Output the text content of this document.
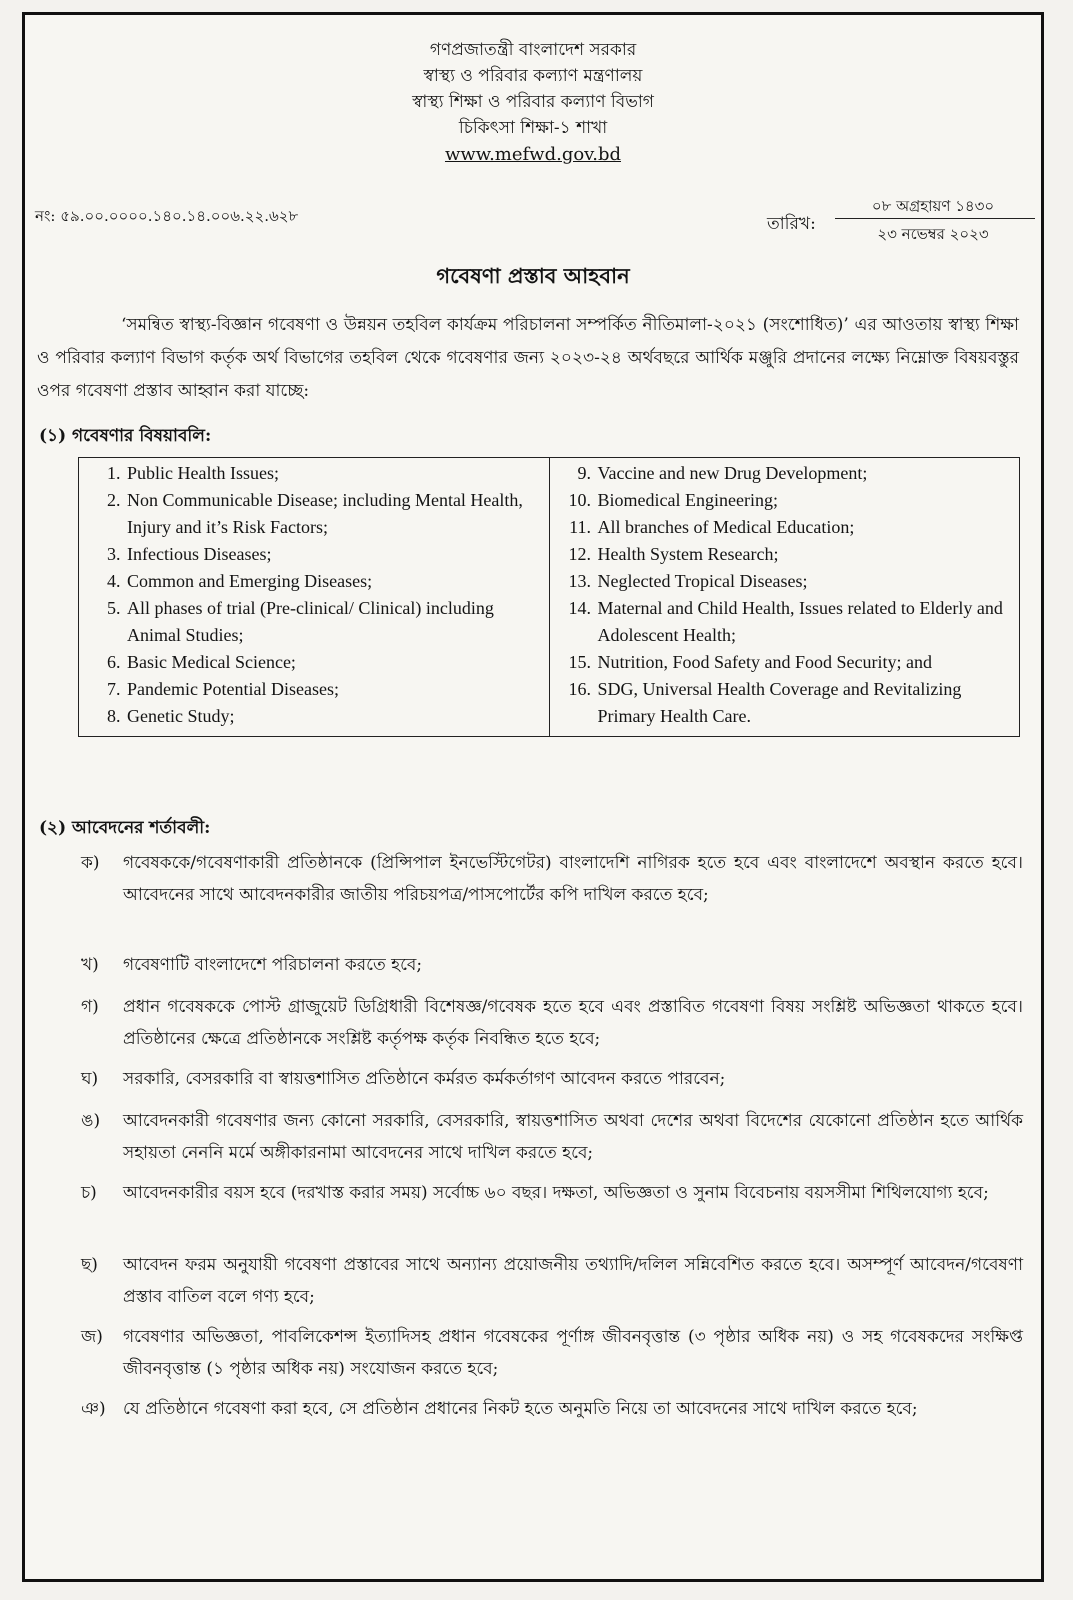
গণপ্রজাতন্ত্রী বাংলাদেশ সরকার
স্বাস্থ্য ও পরিবার কল্যাণ মন্ত্রণালয়
স্বাস্থ্য শিক্ষা ও পরিবার কল্যাণ বিভাগ
চিকিৎসা শিক্ষা-১ শাখা
www.mefwd.gov.bd
নং: ৫৯.০০.০০০০.১৪০.১৪.০০৬.২২.৬২৮	তারিখ:
০৮ অগ্রহায়ণ ১৪৩০
২৩ নভেম্বর ২০২৩
গবেষণা প্রস্তাব আহবান
‘সমন্বিত স্বাস্থ্য-বিজ্ঞান গবেষণা ও উন্নয়ন তহবিল কার্যক্রম পরিচালনা সম্পর্কিত নীতিমালা-২০২১ (সংশোধিত)’ এর আওতায় স্বাস্থ্য শিক্ষা ও পরিবার কল্যাণ বিভাগ কর্তৃক অর্থ বিভাগের তহবিল থেকে গবেষণার জন্য ২০২৩-২৪ অর্থবছরে আর্থিক মঞ্জুরি প্রদানের লক্ষ্যে নিম্নোক্ত বিষয়বস্তুর ওপর গবেষণা প্রস্তাব আহ্বান করা যাচ্ছে:
(১) গবেষণার বিষয়াবলি:
1. Public Health Issues;
2. Non Communicable Disease; including Mental Health, Injury and it’s Risk Factors;
3. Infectious Diseases;
4. Common and Emerging Diseases;
5. All phases of trial (Pre-clinical/ Clinical) including Animal Studies;
6. Basic Medical Science;
7. Pandemic Potential Diseases;
8. Genetic Study;

9. Vaccine and new Drug Development;
10. Biomedical Engineering;
11. All branches of Medical Education;
12. Health System Research;
13. Neglected Tropical Diseases;
14. Maternal and Child Health, Issues related to Elderly and Adolescent Health;
15. Nutrition, Food Safety and Food Security; and
16. SDG, Universal Health Coverage and Revitalizing Primary Health Care.
(২) আবেদনের শর্তাবলী:
ক)	গবেষককে/গবেষণাকারী প্রতিষ্ঠানকে (প্রিন্সিপাল ইনভেস্টিগেটর) বাংলাদেশি নাগিরক হতে হবে এবং বাংলাদেশে অবস্থান করতে হবে। আবেদনের সাথে আবেদনকারীর জাতীয় পরিচয়পত্র/পাসপোর্টের কপি দাখিল করতে হবে;
খ)	গবেষণাটি বাংলাদেশে পরিচালনা করতে হবে;
গ)	প্রধান গবেষককে পোস্ট গ্রাজুয়েট ডিগ্রিধারী বিশেষজ্ঞ/গবেষক হতে হবে এবং প্রস্তাবিত গবেষণা বিষয় সংশ্লিষ্ট অভিজ্ঞতা থাকতে হবে। প্রতিষ্ঠানের ক্ষেত্রে প্রতিষ্ঠানকে সংশ্লিষ্ট কর্তৃপক্ষ কর্তৃক নিবন্ধিত হতে হবে;
ঘ)	সরকারি, বেসরকারি বা স্বায়ত্তশাসিত প্রতিষ্ঠানে কর্মরত কর্মকর্তাগণ আবেদন করতে পারবেন;
ঙ)	আবেদনকারী গবেষণার জন্য কোনো সরকারি, বেসরকারি, স্বায়ত্তশাসিত অথবা দেশের অথবা বিদেশের যেকোনো প্রতিষ্ঠান হতে আর্থিক সহায়তা নেননি মর্মে অঙ্গীকারনামা আবেদনের সাথে দাখিল করতে হবে;
চ)	আবেদনকারীর বয়স হবে (দরখাস্ত করার সময়) সর্বোচ্চ ৬০ বছর। দক্ষতা, অভিজ্ঞতা ও সুনাম বিবেচনায় বয়সসীমা শিথিলযোগ্য হবে;
ছ)	আবেদন ফরম অনুযায়ী গবেষণা প্রস্তাবের সাথে অন্যান্য প্রয়োজনীয় তথ্যাদি/দলিল সন্নিবেশিত করতে হবে। অসম্পূর্ণ আবেদন/গবেষণা প্রস্তাব বাতিল বলে গণ্য হবে;
জ)	গবেষণার অভিজ্ঞতা, পাবলিকেশন্স ইত্যাদিসহ প্রধান গবেষকের পূর্ণাঙ্গ জীবনবৃত্তান্ত (৩ পৃষ্ঠার অধিক নয়) ও সহ গবেষকদের সংক্ষিপ্ত জীবনবৃত্তান্ত (১ পৃষ্ঠার অধিক নয়) সংযোজন করতে হবে;
ঞ)	যে প্রতিষ্ঠানে গবেষণা করা হবে, সে প্রতিষ্ঠান প্রধানের নিকট হতে অনুমতি নিয়ে তা আবেদনের সাথে দাখিল করতে হবে;
